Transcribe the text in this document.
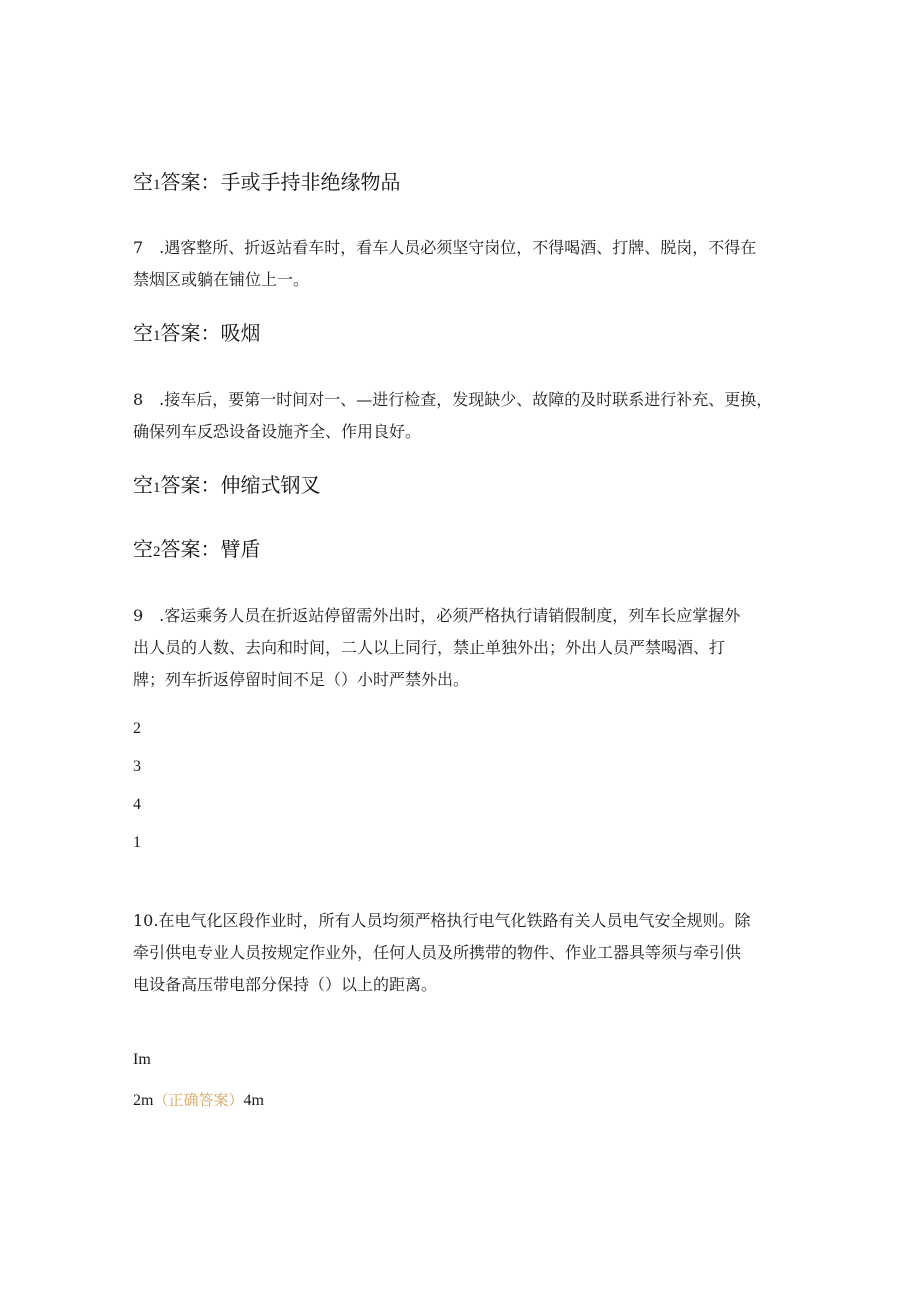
空1答案：手或手持非绝缘物品
7　.遇客整所、折返站看车时，看车人员必须坚守岗位，不得喝酒、打牌、脱岗，不得在
禁烟区或躺在铺位上一。
空1答案：吸烟
8　.接车后，要第一时间对一、—进行检查，发现缺少、故障的及时联系进行补充、更换，
确保列车反恐设备设施齐全、作用良好。
空1答案：伸缩式钢叉
空2答案：臂盾
9　.客运乘务人员在折返站停留需外出时，必须严格执行请销假制度，列车长应掌握外
出人员的人数、去向和时间，二人以上同行，禁止单独外出；外出人员严禁喝酒、打
牌；列车折返停留时间不足（）小时严禁外出。
2
3
4
1
10.在电气化区段作业时，所有人员均须严格执行电气化铁路有关人员电气安全规则。除
牵引供电专业人员按规定作业外，任何人员及所携带的物件、作业工器具等须与牵引供
电设备高压带电部分保持（）以上的距离。
Im
2m（正确答案）4m
